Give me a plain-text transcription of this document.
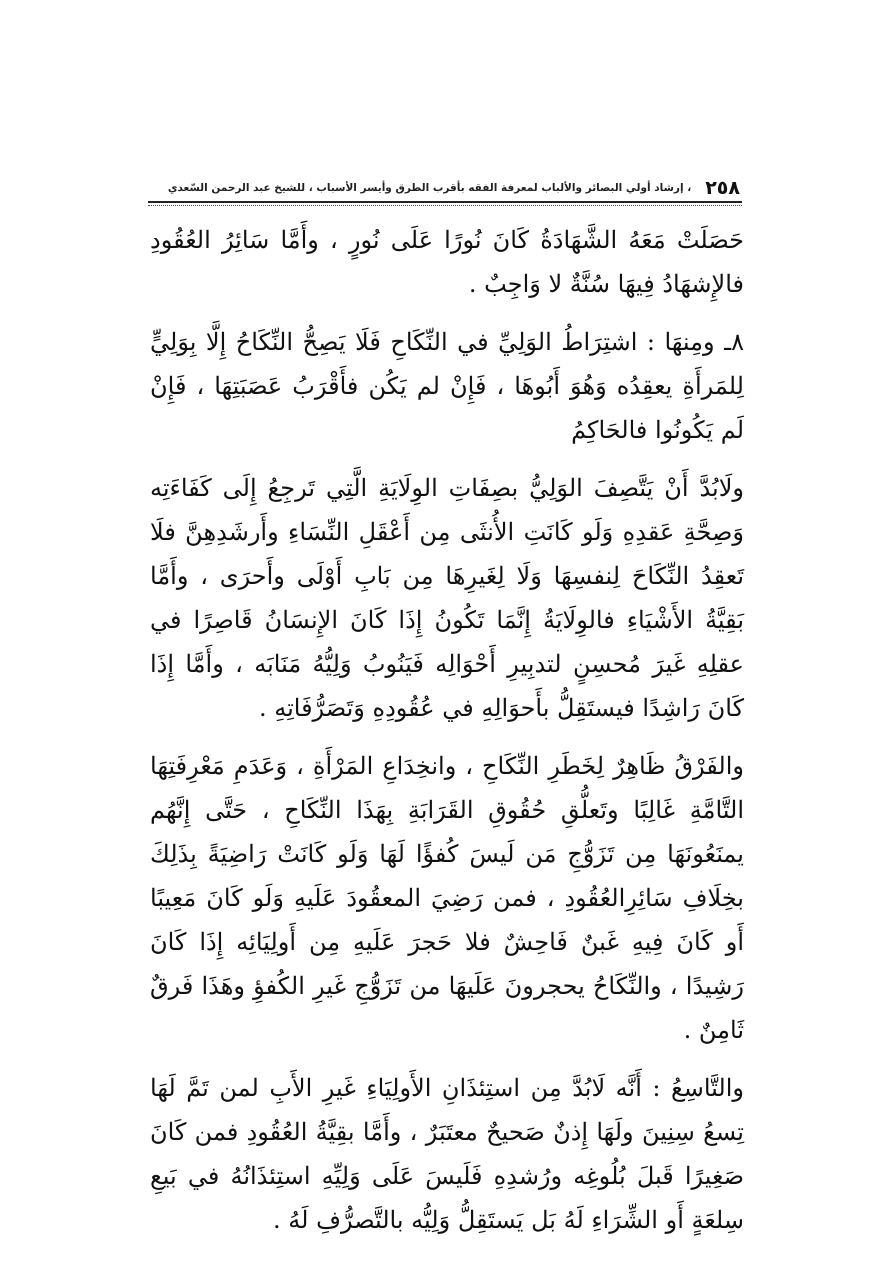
٢٥٨
، إرشاد أولي البصائر والألباب لمعرفة الفقه بأقرب الطرق وأيسر الأسباب ، للشيخ عبد الرحمن السّعدي

حَصَلَتْ مَعَهُ الشَّهَادَةُ كَانَ نُورًا عَلَى نُورٍ ، وأَمَّا سَائِرُ العُقُودِ فالإِشهَادُ فِيهَا سُنَّةٌ لا وَاجِبٌ .

٨ـ ومِنهَا : اشتِرَاطُ الوَلِيِّ في النِّكَاحِ فَلَا يَصِحُّ النِّكَاحُ إِلَّا بِوَلِيٍّ لِلمَرأَةِ يعقِدُه وَهُوَ أَبُوهَا ، فَإِنْ لم يَكُن فأَقْرَبُ عَصَبَتِهَا ، فَإِنْ لَم يَكُونُوا فالحَاكِمُ

ولَابُدَّ أَنْ يَتَّصِفَ الوَلِيُّ بصِفَاتِ الوِلَايَةِ الَّتِي تَرجِعُ إِلَى كَفَاءَتِه وَصِحَّةِ عَقدِهِ وَلَو كَانَتِ الأُنثَى مِن أَعْقَلِ النِّسَاءِ وأَرشَدِهِنَّ فلَا تَعقِدُ النِّكَاحَ لِنفسِهَا وَلَا لِغَيرِهَا مِن بَابِ أَوْلَى وأَحرَى ، وأَمَّا بَقِيَّةُ الأَشْيَاءِ فالوِلَايَةُ إِنَّمَا تَكُونُ إِذَا كَانَ الإِنسَانُ قَاصِرًا في عقلِهِ غَيرَ مُحسِنٍ لتدبِيرِ أَحْوَالِه فَيَنُوبُ وَلِيُّهُ مَنَابَه ، وأَمَّا إِذَا كَانَ رَاشِدًا فيستَقِلُّ بأَحوَالِهِ في عُقُودِهِ وَتَصَرُّفَاتِهِ .

والفَرْقُ ظَاهِرٌ لِخَطَرِ النِّكَاحِ ، وانخِدَاعِ المَرْأَةِ ، وَعَدَمِ مَعْرِفَتِهَا التَّامَّةِ غَالِبًا وتَعلُّقِ حُقُوقِ القَرَابَةِ بِهَذَا النِّكَاحِ ، حَتَّى إِنَّهُم يمنَعُونَهَا مِن تَزَوُّجِ مَن لَيسَ كُفؤًا لَهَا وَلَو كَانَتْ رَاضِيَةً بِذَلِكَ بخِلَافِ سَائِرِالعُقُودِ ، فمن رَضِيَ المعقُودَ عَلَيهِ وَلَو كَانَ مَعِيبًا أَو كَانَ فِيهِ غَبنٌ فَاحِشٌ فلا حَجرَ عَلَيهِ مِن أَولِيَائِه إِذَا كَانَ رَشِيدًا ، والنِّكَاحُ يحجرونَ عَلَيهَا من تَزَوُّجِ غَيرِ الكُفؤِ وهَذَا فَرقٌ ثَامِنٌ .

والتَّاسِعُ : أَنَّه لَابُدَّ مِن استِئذَانِ الأَولِيَاءِ غَيرِ الأَبِ لمن تَمَّ لَهَا تِسعُ سِنِينَ ولَهَا إِذنٌ صَحيحٌ معتَبَرٌ ، وأَمَّا بقِيَّةُ العُقُودِ فمن كَانَ صَغِيرًا قَبلَ بُلُوغِه ورُشدِهِ فَلَيسَ عَلَى وَلِيِّهِ استِئذَانُهُ في بَيعِ سِلعَةٍ أَو الشِّرَاءِ لَهُ بَل يَستَقِلُّ وَلِيُّه بالتَّصرُّفِ لَهُ .
